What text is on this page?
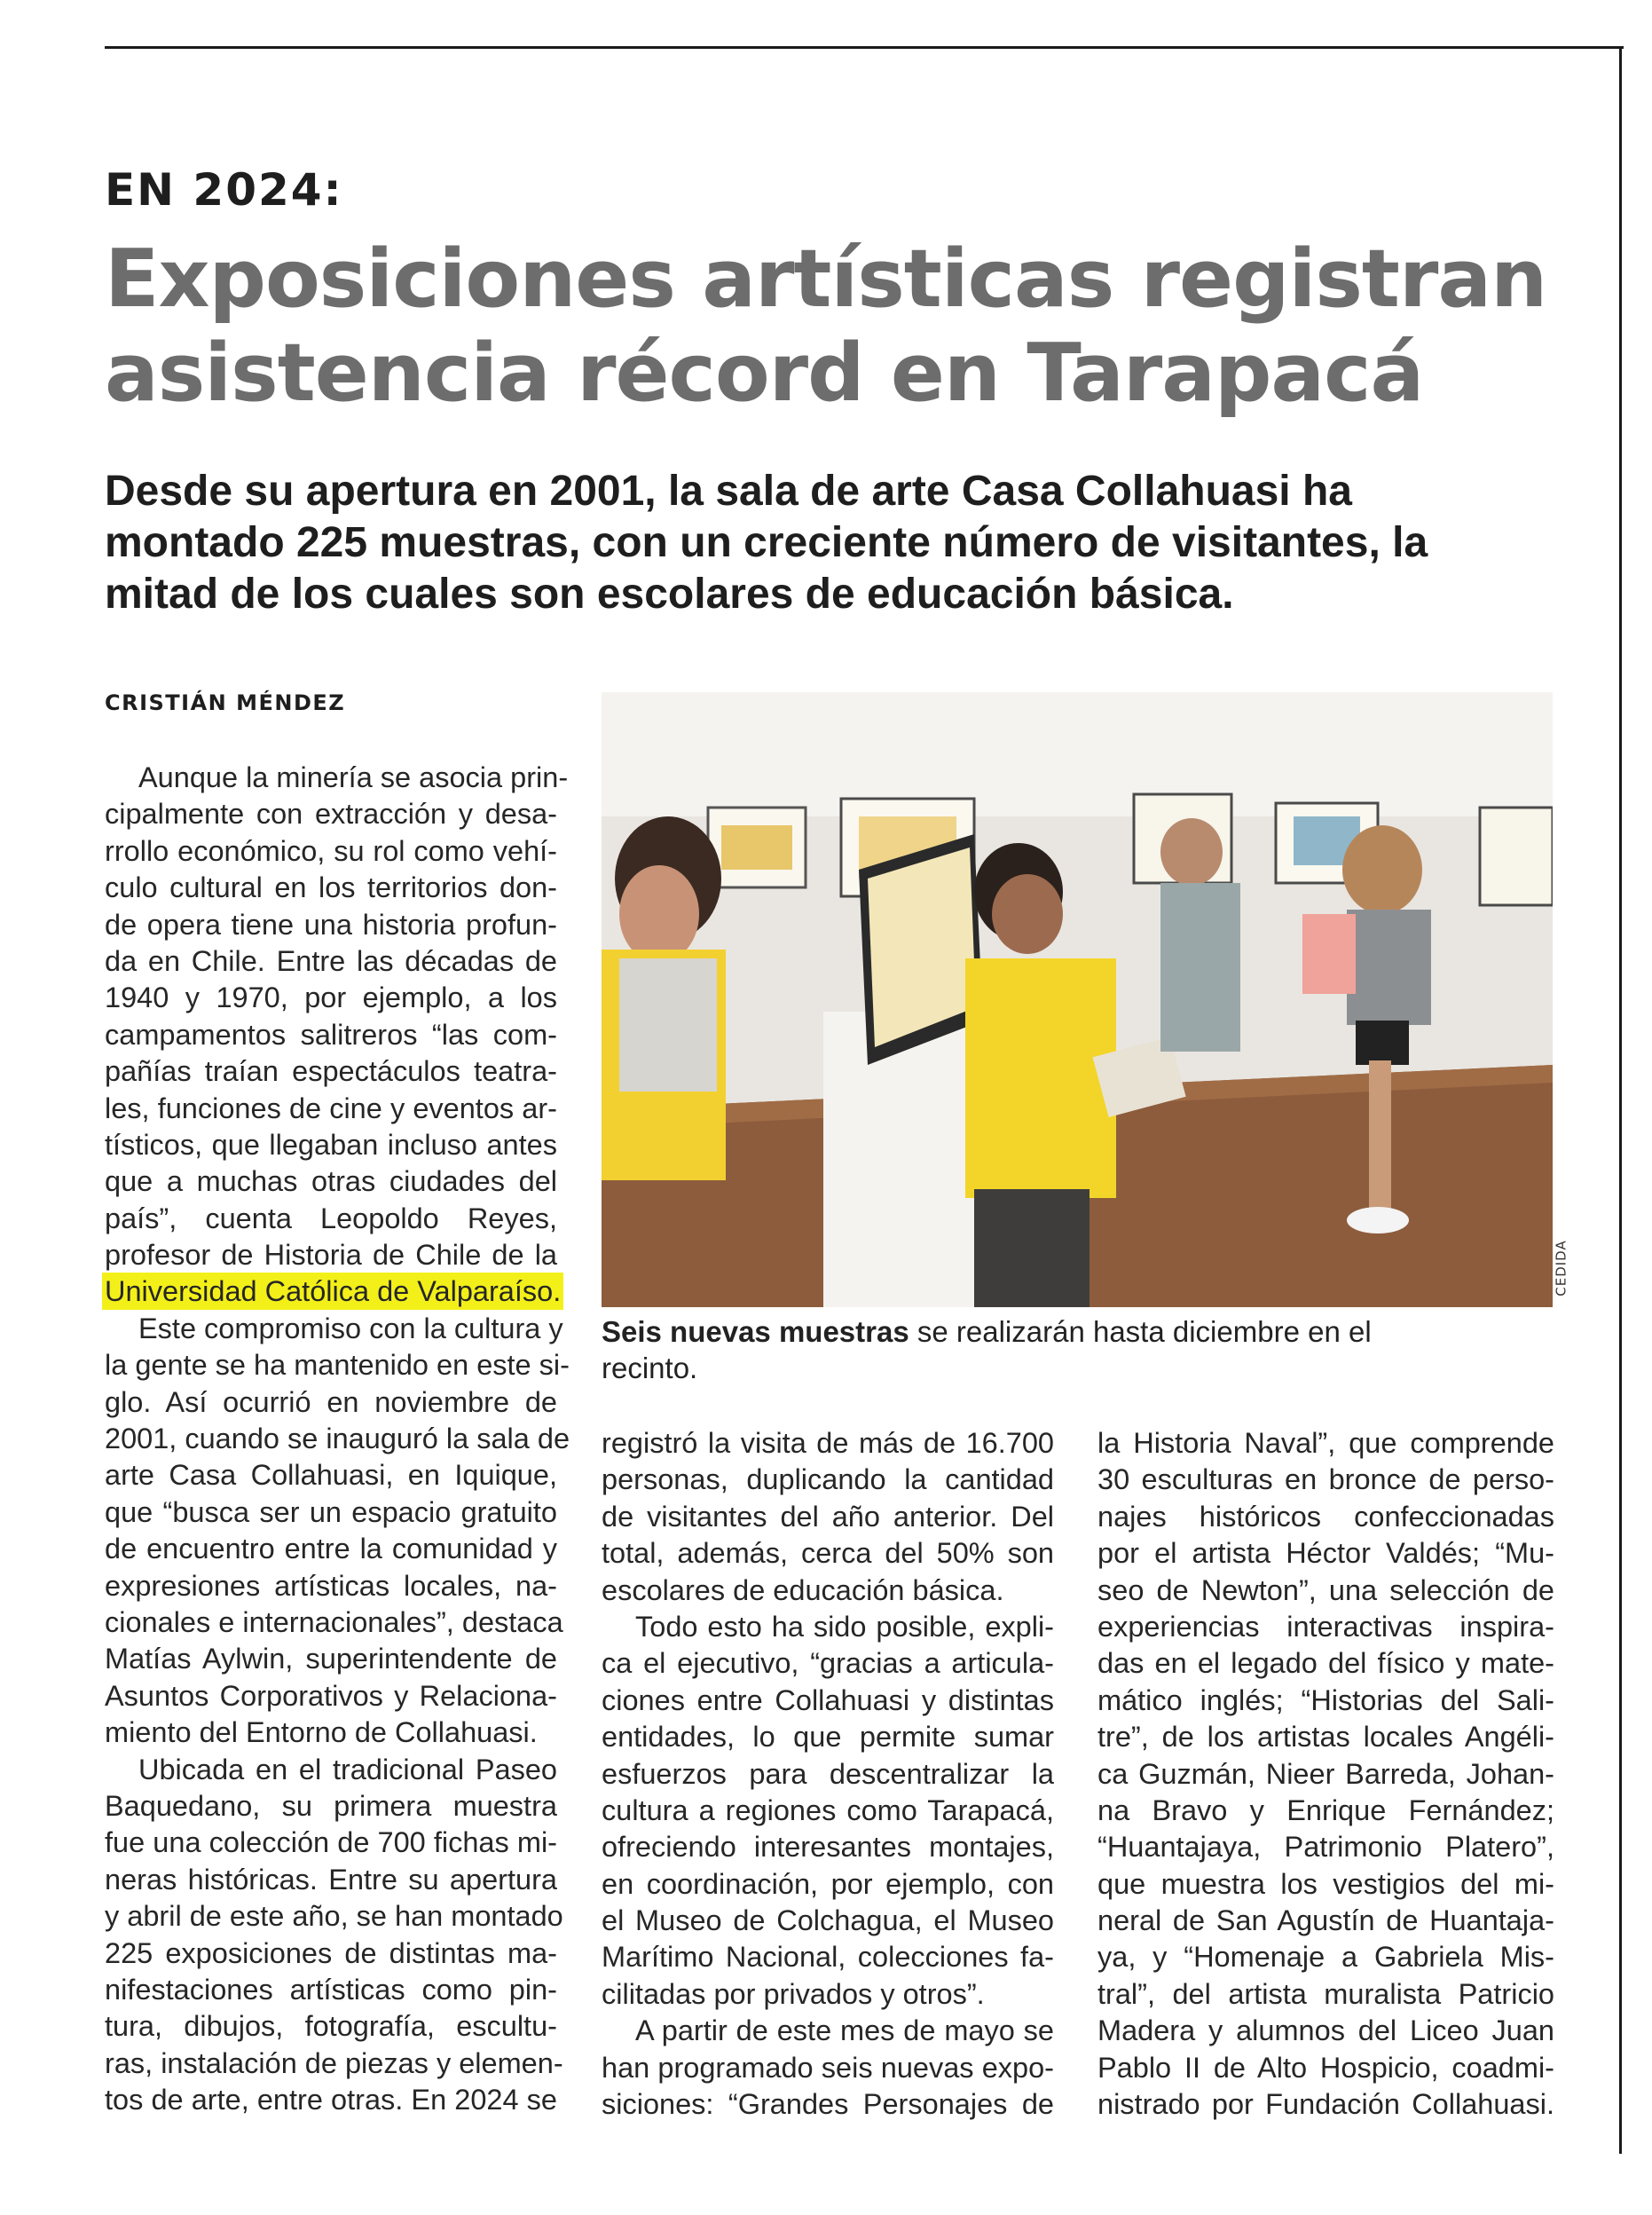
EN 2024:
Exposiciones artísticas registran
asistencia récord en Tarapacá
Desde su apertura en 2001, la sala de arte Casa Collahuasi ha
montado 225 muestras, con un creciente número de visitantes, la
mitad de los cuales son escolares de educación básica.
CRISTIÁN MÉNDEZ
Aunque la minería se asocia prin-
cipalmente con extracción y desa-
rrollo económico, su rol como vehí-
culo cultural en los territorios don-
de opera tiene una historia profun-
da en Chile. Entre las décadas de
1940 y 1970, por ejemplo, a los
campamentos salitreros “las com-
pañías traían espectáculos teatra-
les, funciones de cine y eventos ar-
tísticos, que llegaban incluso antes
que a muchas otras ciudades del
país”, cuenta Leopoldo Reyes,
profesor de Historia de Chile de la
Universidad Católica de Valparaíso.
Este compromiso con la cultura y
la gente se ha mantenido en este si-
glo. Así ocurrió en noviembre de
2001, cuando se inauguró la sala de
arte Casa Collahuasi, en Iquique,
que “busca ser un espacio gratuito
de encuentro entre la comunidad y
expresiones artísticas locales, na-
cionales e internacionales”, destaca
Matías Aylwin, superintendente de
Asuntos Corporativos y Relaciona-
miento del Entorno de Collahuasi.
Ubicada en el tradicional Paseo
Baquedano, su primera muestra
fue una colección de 700 fichas mi-
neras históricas. Entre su apertura
y abril de este año, se han montado
225 exposiciones de distintas ma-
nifestaciones artísticas como pin-
tura, dibujos, fotografía, escultu-
ras, instalación de piezas y elemen-
tos de arte, entre otras. En 2024 se
CEDIDA
Seis nuevas muestras se realizarán hasta diciembre en el
recinto.
registró la visita de más de 16.700
personas, duplicando la cantidad
de visitantes del año anterior. Del
total, además, cerca del 50% son
escolares de educación básica.
Todo esto ha sido posible, expli-
ca el ejecutivo, “gracias a articula-
ciones entre Collahuasi y distintas
entidades, lo que permite sumar
esfuerzos para descentralizar la
cultura a regiones como Tarapacá,
ofreciendo interesantes montajes,
en coordinación, por ejemplo, con
el Museo de Colchagua, el Museo
Marítimo Nacional, colecciones fa-
cilitadas por privados y otros”.
A partir de este mes de mayo se
han programado seis nuevas expo-
siciones: “Grandes Personajes de
la Historia Naval”, que comprende
30 esculturas en bronce de perso-
najes históricos confeccionadas
por el artista Héctor Valdés; “Mu-
seo de Newton”, una selección de
experiencias interactivas inspira-
das en el legado del físico y mate-
mático inglés; “Historias del Sali-
tre”, de los artistas locales Angéli-
ca Guzmán, Nieer Barreda, Johan-
na Bravo y Enrique Fernández;
“Huantajaya, Patrimonio Platero”,
que muestra los vestigios del mi-
neral de San Agustín de Huantaja-
ya, y “Homenaje a Gabriela Mis-
tral”, del artista muralista Patricio
Madera y alumnos del Liceo Juan
Pablo II de Alto Hospicio, coadmi-
nistrado por Fundación Collahuasi.
